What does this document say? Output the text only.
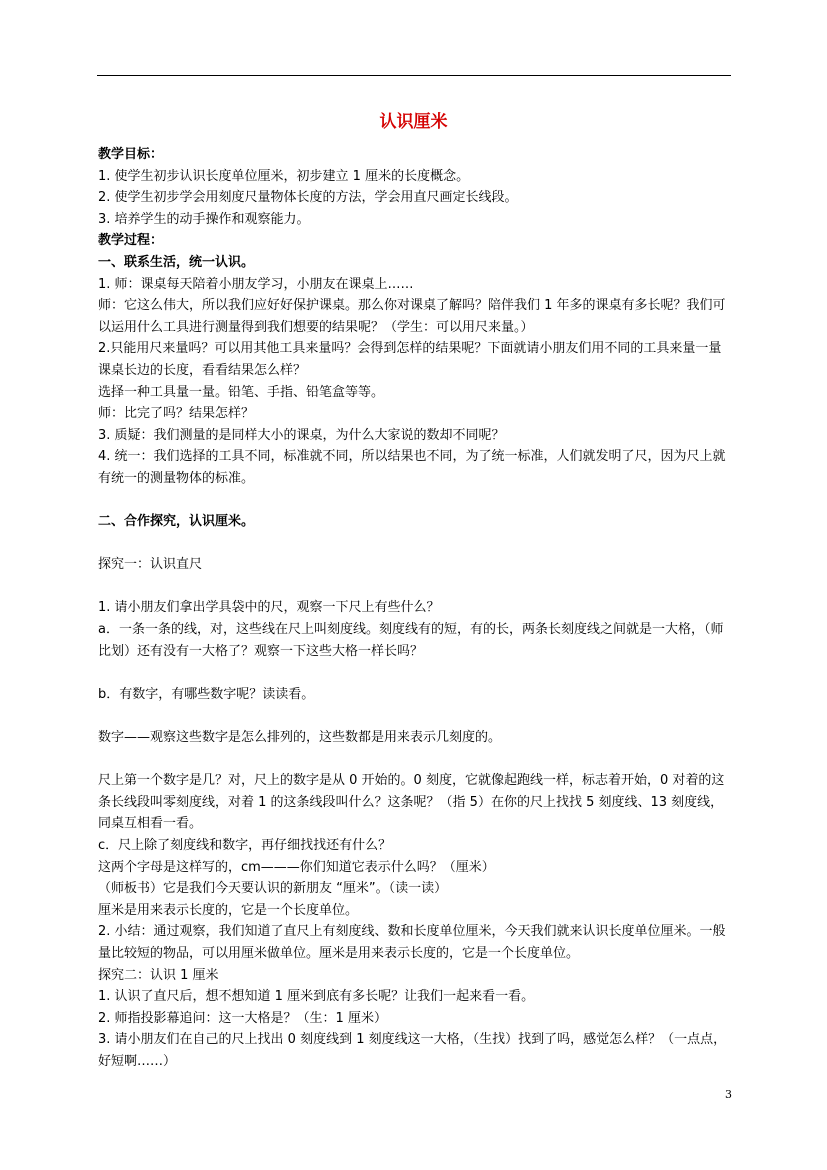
认识厘米

教学目标：

1. 使学生初步认识长度单位厘米，初步建立 1 厘米的长度概念。

2. 使学生初步学会用刻度尺量物体长度的方法，学会用直尺画定长线段。

3. 培养学生的动手操作和观察能力。

教学过程：

一、联系生活，统一认识。

1. 师：课桌每天陪着小朋友学习，小朋友在课桌上……

师：它这么伟大，所以我们应好好保护课桌。那么你对课桌了解吗？陪伴我们 1 年多的课桌有多长呢？我们可以运用什么工具进行测量得到我们想要的结果呢？（学生：可以用尺来量。）

2.只能用尺来量吗？可以用其他工具来量吗？会得到怎样的结果呢？下面就请小朋友们用不同的工具来量一量课桌长边的长度，看看结果怎么样？

选择一种工具量一量。铅笔、手指、铅笔盒等等。

师：比完了吗？结果怎样？

3. 质疑：我们测量的是同样大小的课桌，为什么大家说的数却不同呢？

4. 统一：我们选择的工具不同，标准就不同，所以结果也不同，为了统一标准，人们就发明了尺，因为尺上就有统一的测量物体的标准。

二、合作探究，认识厘米。

探究一：认识直尺

1. 请小朋友们拿出学具袋中的尺，观察一下尺上有些什么？

a．一条一条的线，对，这些线在尺上叫刻度线。刻度线有的短，有的长，两条长刻度线之间就是一大格，（师比划）还有没有一大格了？观察一下这些大格一样长吗？

b．有数字，有哪些数字呢？读读看。

数字——观察这些数字是怎么排列的，这些数都是用来表示几刻度的。

尺上第一个数字是几？对，尺上的数字是从 0 开始的。0 刻度，它就像起跑线一样，标志着开始，0 对着的这条长线段叫零刻度线，对着 1 的这条线段叫什么？这条呢？（指 5）在你的尺上找找 5 刻度线、13 刻度线，同桌互相看一看。

c．尺上除了刻度线和数字，再仔细找找还有什么？

这两个字母是这样写的，cm———你们知道它表示什么吗？（厘米）

（师板书）它是我们今天要认识的新朋友 “厘米”。（读一读）

厘米是用来表示长度的，它是一个长度单位。

2. 小结：通过观察，我们知道了直尺上有刻度线、数和长度单位厘米，今天我们就来认识长度单位厘米。一般量比较短的物品，可以用厘米做单位。厘米是用来表示长度的，它是一个长度单位。

探究二：认识 1 厘米

1. 认识了直尺后，想不想知道 1 厘米到底有多长呢？让我们一起来看一看。

2. 师指投影幕追问：这一大格是？（生：1 厘米）

3. 请小朋友们在自己的尺上找出 0 刻度线到 1 刻度线这一大格，（生找）找到了吗，感觉怎么样？（一点点，好短啊……）

3
